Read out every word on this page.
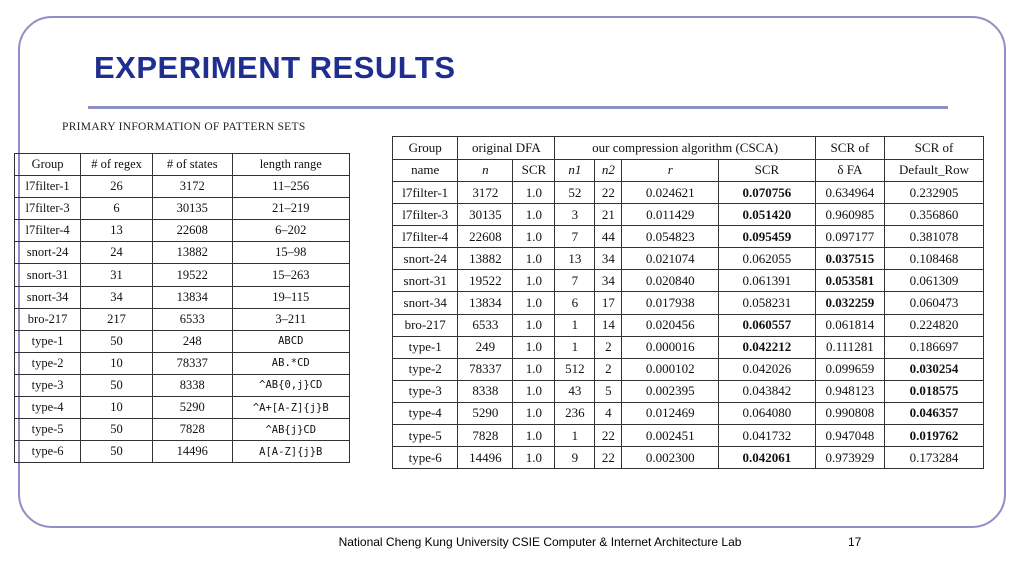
EXPERIMENT RESULTS
PRIMARY INFORMATION OF PATTERN SETS
Group	# of regex	# of states	length range
l7filter-1	26	3172	11–256
l7filter-3	6	30135	21–219
l7filter-4	13	22608	6–202
snort-24	24	13882	15–98
snort-31	31	19522	15–263
snort-34	34	13834	19–115
bro-217	217	6533	3–211
type-1	50	248	ABCD
type-2	10	78337	AB.*CD
type-3	50	8338	^AB{0,j}CD
type-4	10	5290	^A+[A-Z]{j}B
type-5	50	7828	^AB{j}CD
type-6	50	14496	A[A-Z]{j}B
Group	original DFA		our compression algorithm (CSCA)				SCR of	SCR of
name	n	SCR	n1	n2	r	SCR	δ FA	Default_Row
l7filter-1	3172	1.0	52	22	0.024621	0.070756	0.634964	0.232905
l7filter-3	30135	1.0	3	21	0.011429	0.051420	0.960985	0.356860
l7filter-4	22608	1.0	7	44	0.054823	0.095459	0.097177	0.381078
snort-24	13882	1.0	13	34	0.021074	0.062055	0.037515	0.108468
snort-31	19522	1.0	7	34	0.020840	0.061391	0.053581	0.061309
snort-34	13834	1.0	6	17	0.017938	0.058231	0.032259	0.060473
bro-217	6533	1.0	1	14	0.020456	0.060557	0.061814	0.224820
type-1	249	1.0	1	2	0.000016	0.042212	0.111281	0.186697
type-2	78337	1.0	512	2	0.000102	0.042026	0.099659	0.030254
type-3	8338	1.0	43	5	0.002395	0.043842	0.948123	0.018575
type-4	5290	1.0	236	4	0.012469	0.064080	0.990808	0.046357
type-5	7828	1.0	1	22	0.002451	0.041732	0.947048	0.019762
type-6	14496	1.0	9	22	0.002300	0.042061	0.973929	0.173284
National Cheng Kung University CSIE Computer & Internet Architecture Lab	17
